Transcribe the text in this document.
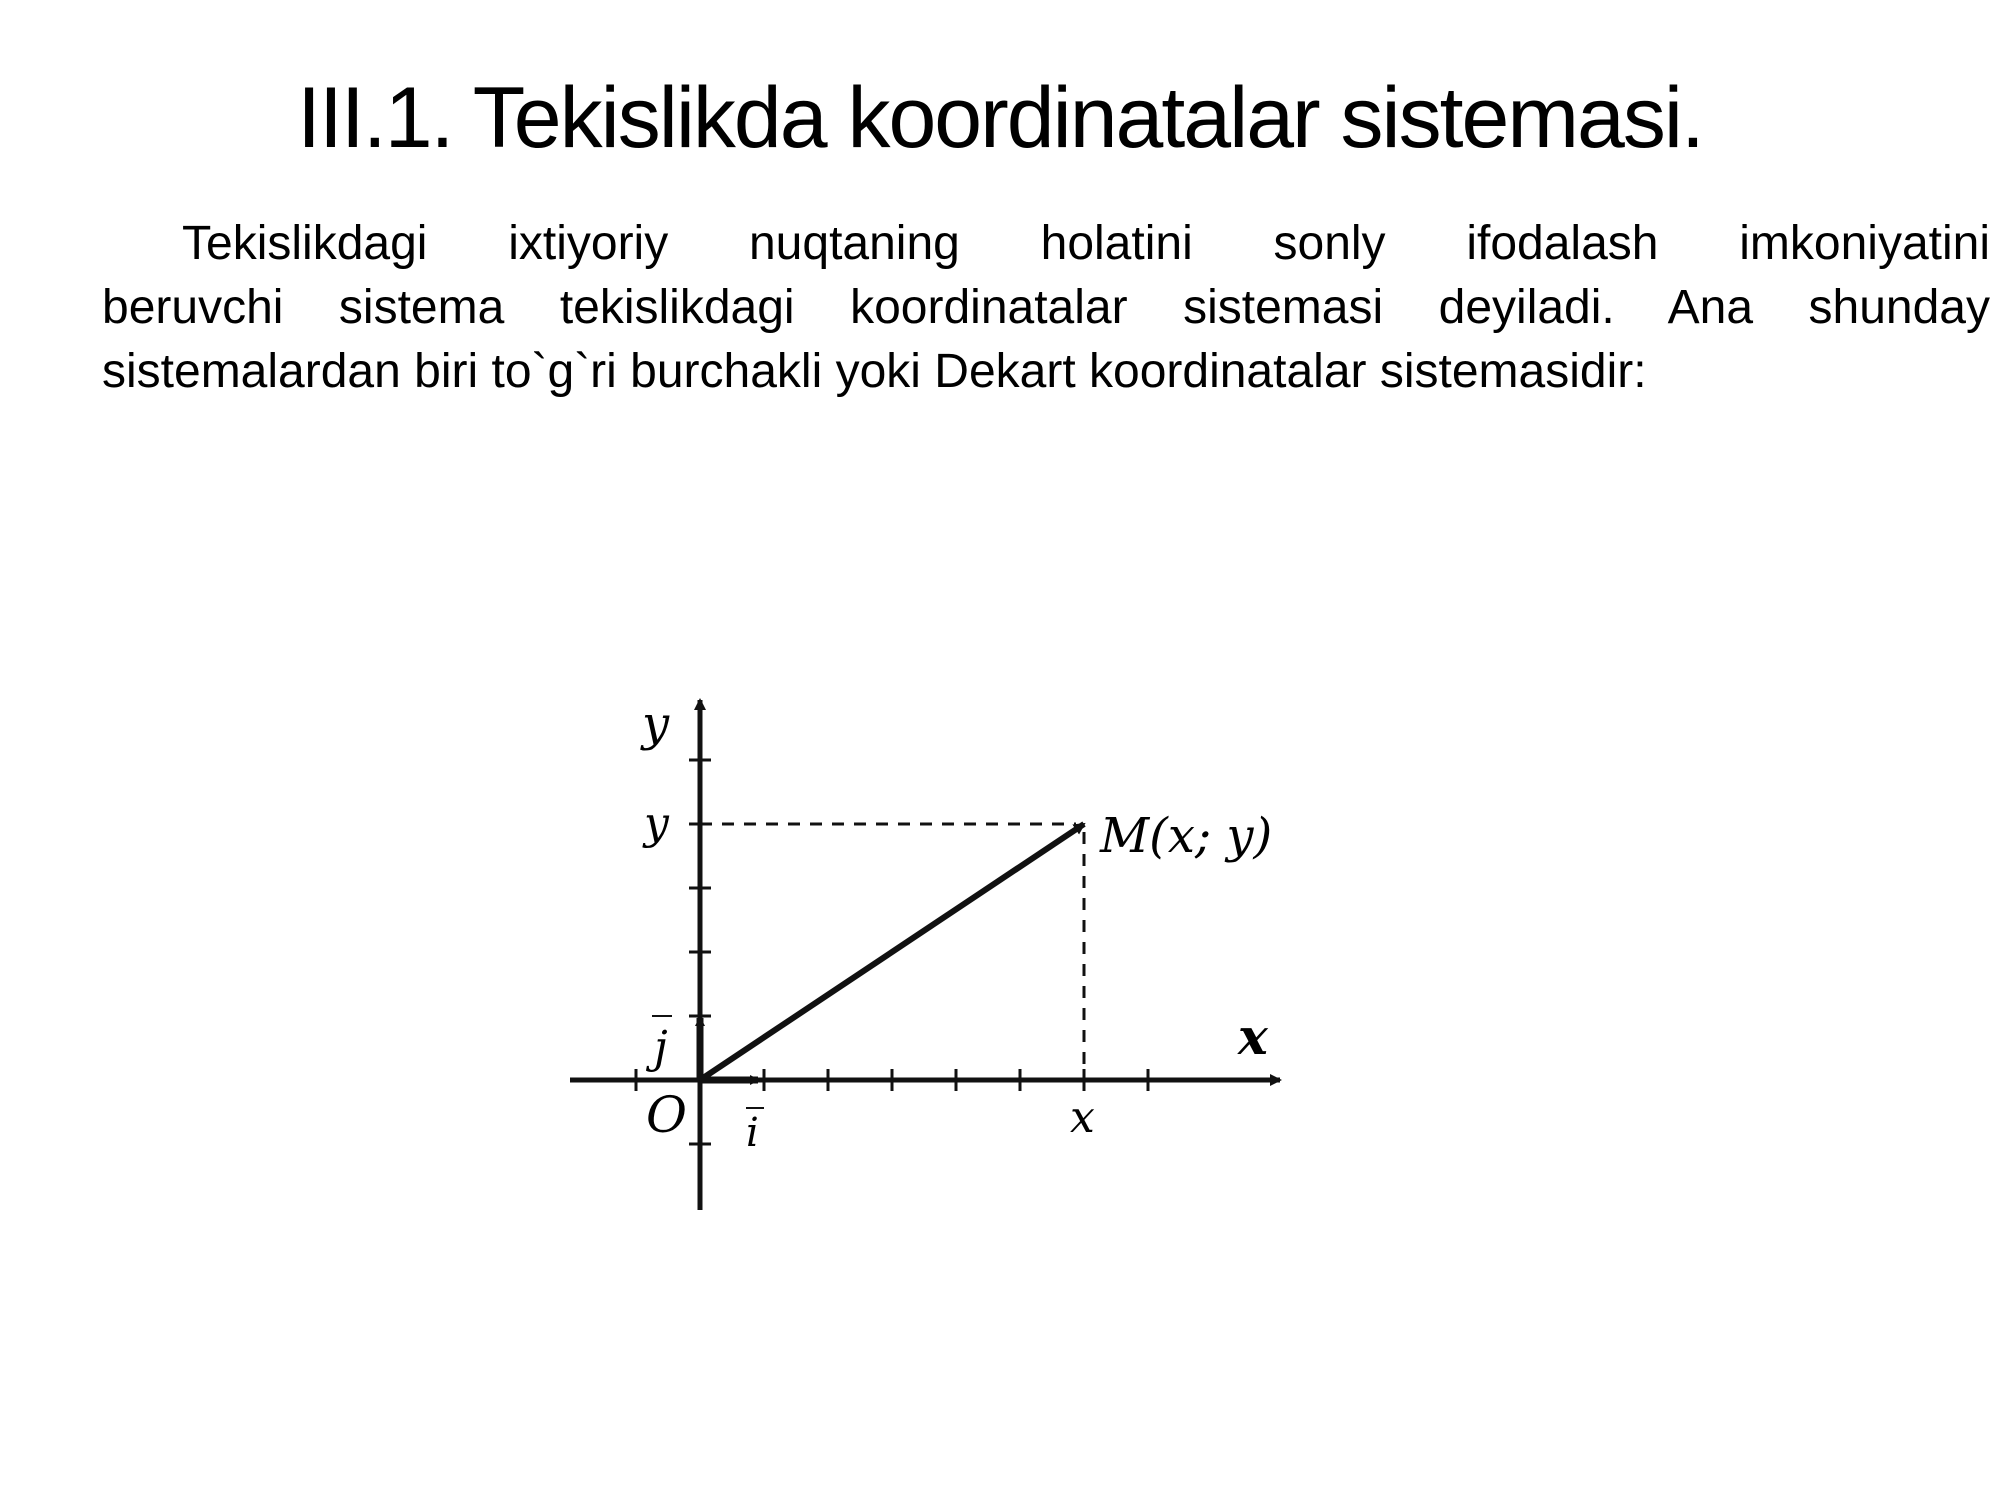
III.1. Tekislikda koordinatalar sistemasi.
Tekislikdagi ixtiyoriy nuqtaning holatini sonly ifodalash imkoniyatini
beruvchi sistema tekislikdagi koordinatalar sistemasi deyiladi. Ana shunday
sistemalardan biri to`g`ri burchakli yoki Dekart koordinatalar sistemasidir:
y
x
y
x
O i
j
M(x; y)
